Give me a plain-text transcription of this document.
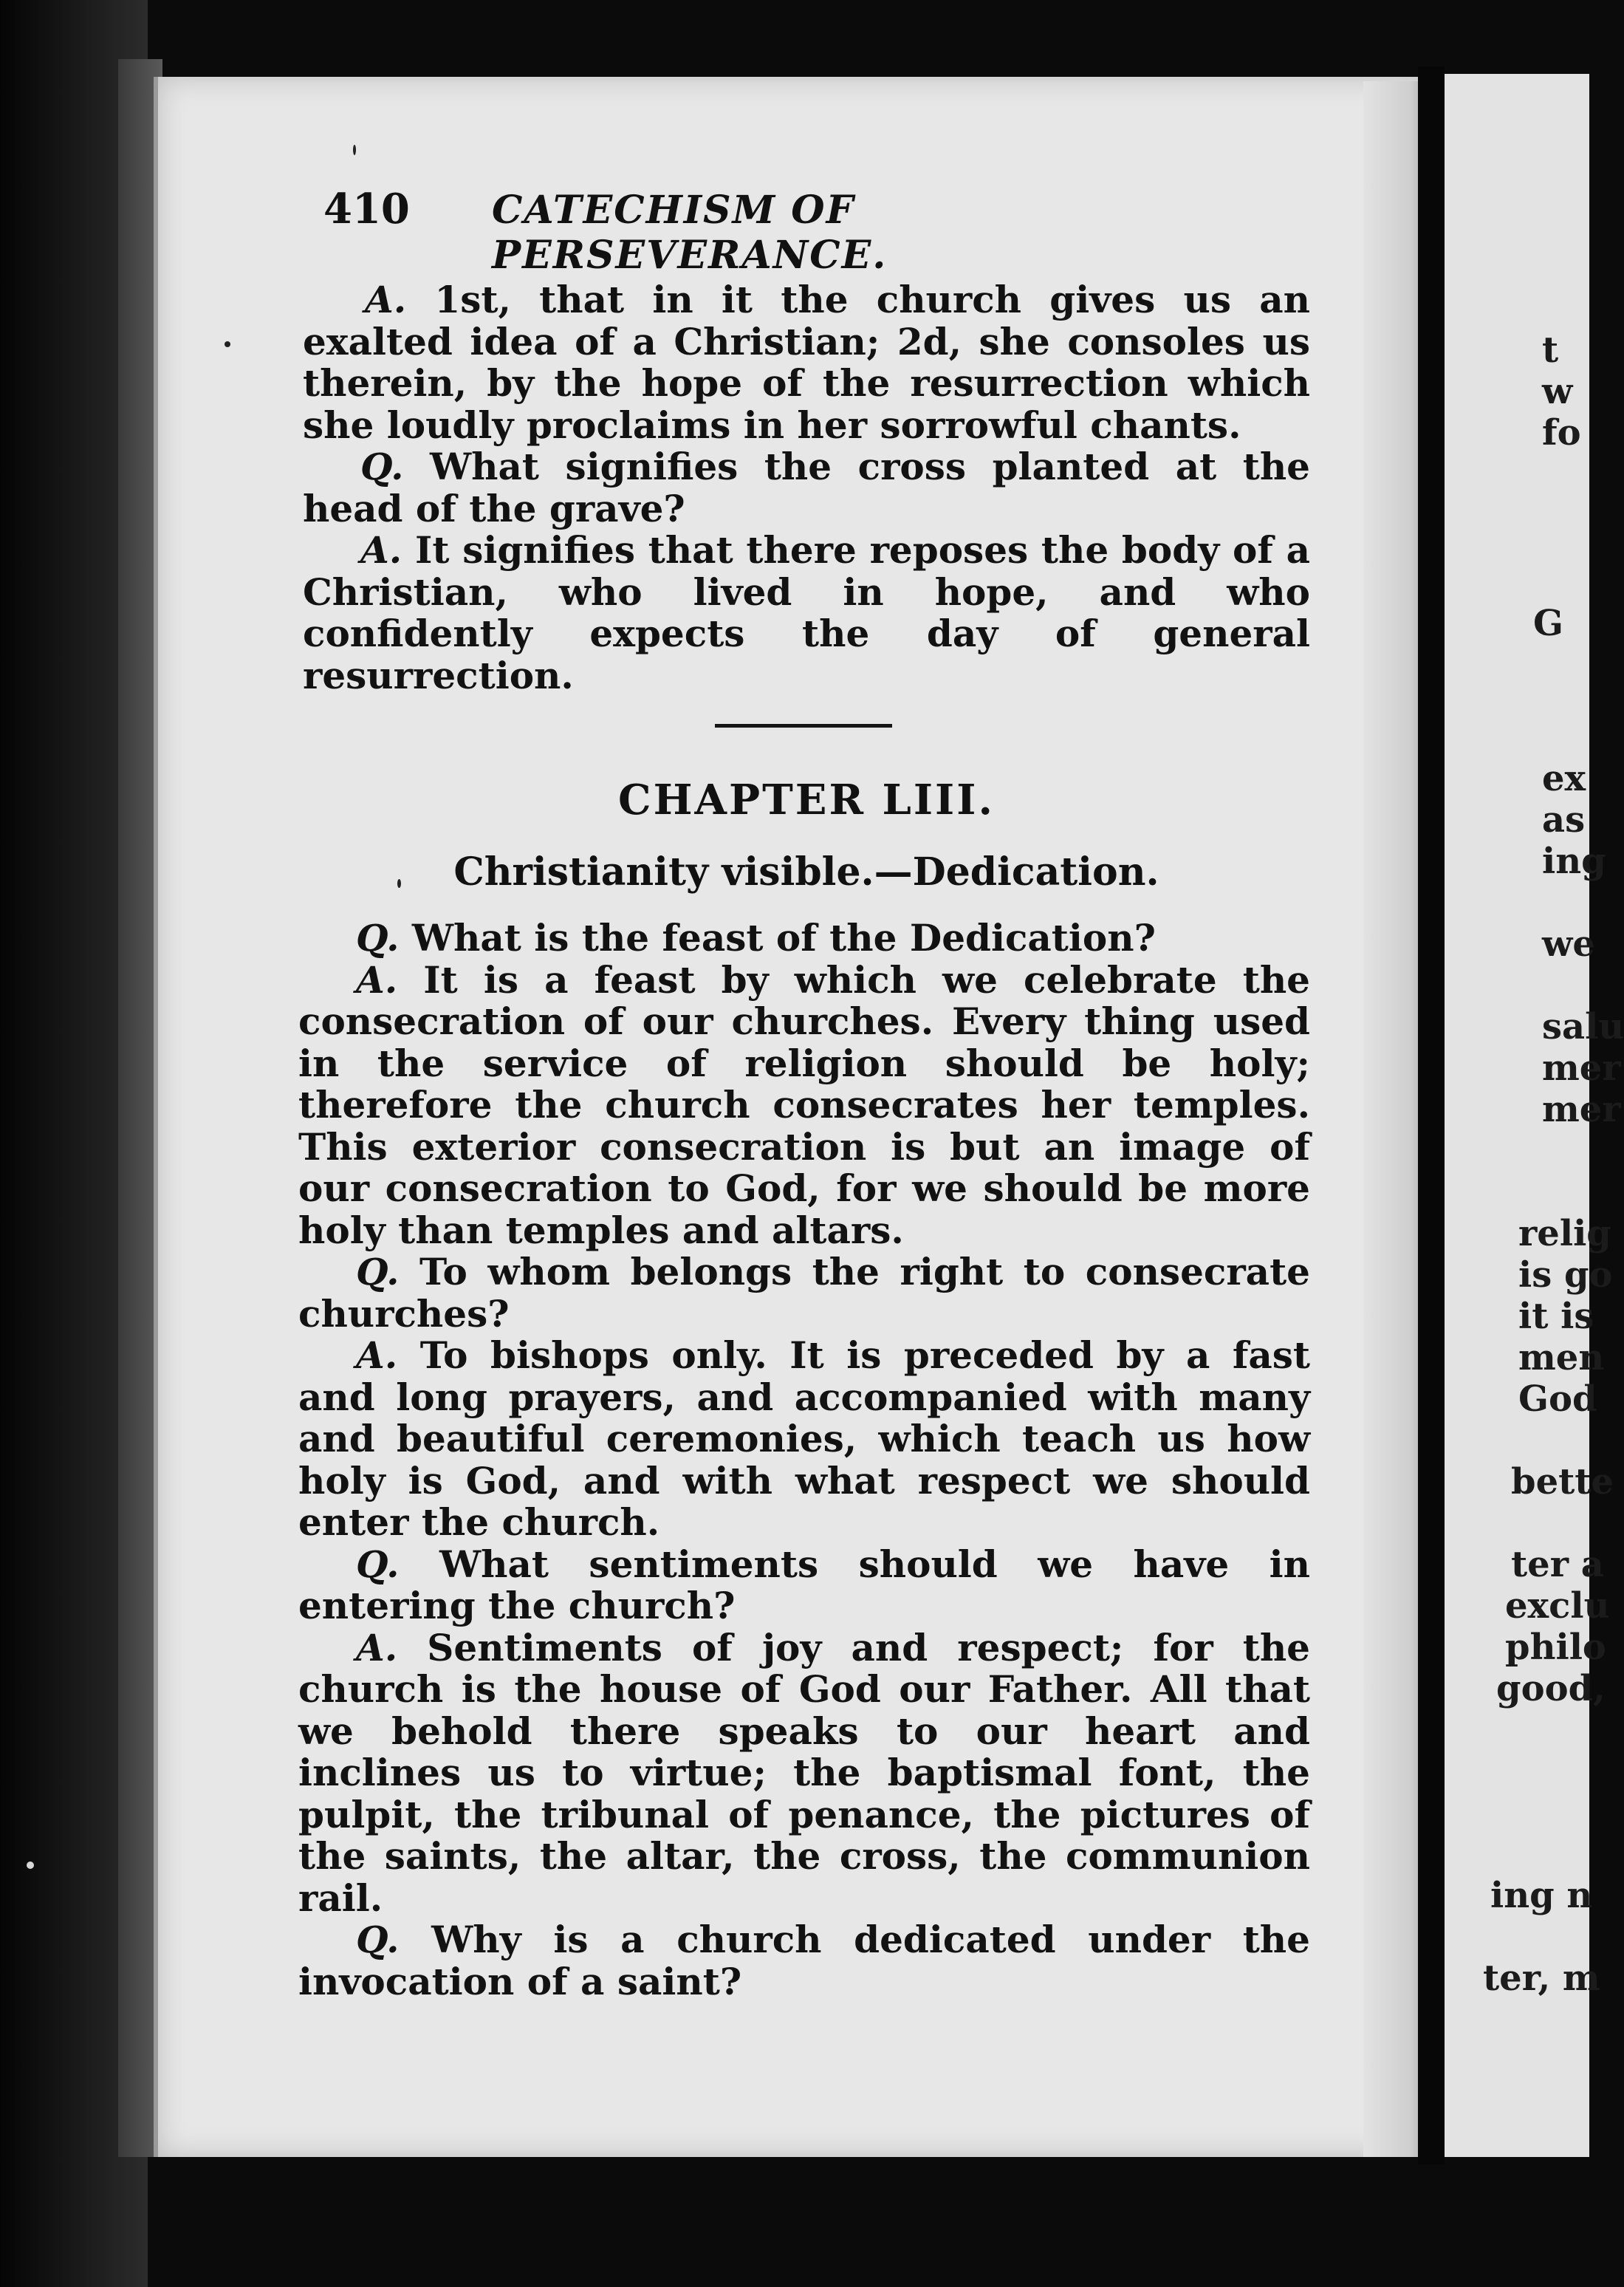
t
w
fo
G
ex
as
ing
we
salu
mer
mer
relig
is go
it is
men
God
bette
ter a
exclu
philo
good,
ing n
ter, m
410 CATECHISM OF PERSEVERANCE.

A. 1st, that in it the church gives us an exalted idea of a Christian; 2d, she consoles us therein, by the hope of the resurrection which she loudly proclaims in her sorrowful chants.

Q. What signifies the cross planted at the head of the grave?

A. It signifies that there reposes the body of a Christian, who lived in hope, and who confidently expects the day of general resurrection.

CHAPTER LIII.
Christianity visible.—Dedication.

Q. What is the feast of the Dedication?

A. It is a feast by which we celebrate the consecration of our churches. Every thing used in the service of religion should be holy; therefore the church consecrates her temples. This exterior consecration is but an image of our consecration to God, for we should be more holy than temples and altars.

Q. To whom belongs the right to consecrate churches?

A. To bishops only. It is preceded by a fast and long prayers, and accompanied with many and beautiful ceremonies, which teach us how holy is God, and with what respect we should enter the church.

Q. What sentiments should we have in entering the church?

A. Sentiments of joy and respect; for the church is the house of God our Father. All that we behold there speaks to our heart and inclines us to virtue; the baptismal font, the pulpit, the tribunal of penance, the pictures of the saints, the altar, the cross, the communion rail.

Q. Why is a church dedicated under the invocation of a saint?
